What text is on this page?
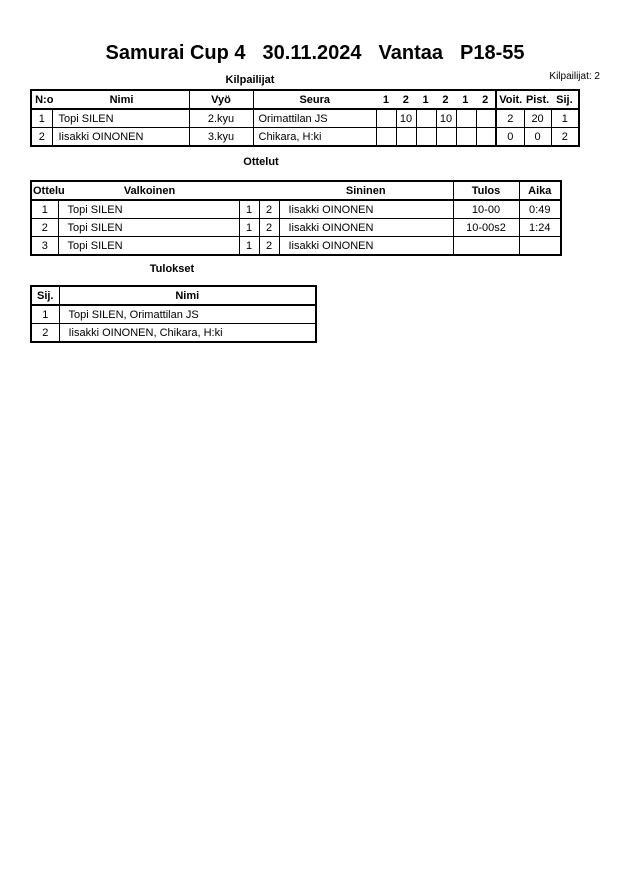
Samurai Cup 4 30.11.2024 Vantaa P18-55
Kilpailijat	Kilpailijat: 2
N:o	Nimi	Vyö	Seura	1	2	1	2	1	2	Voit. Pist. Sij.

1	Topi SILEN	2.kyu	Orimattilan JS		10		10			2	20	1
2	Iisakki OINONEN	3.kyu	Chikara, H:ki							0	0	2
Ottelut
Ottelu Valkoinen				Sininen	Tulos	Aika
1	Topi SILEN	1	2	Iisakki OINONEN	10-00	0:49
2	Topi SILEN	1	2	Iisakki OINONEN	10-00s2	1:24
3	Topi SILEN	1	2	Iisakki OINONEN		
Tulokset
Sij.	Nimi
1	Topi SILEN, Orimattilan JS
2	Iisakki OINONEN, Chikara, H:ki
